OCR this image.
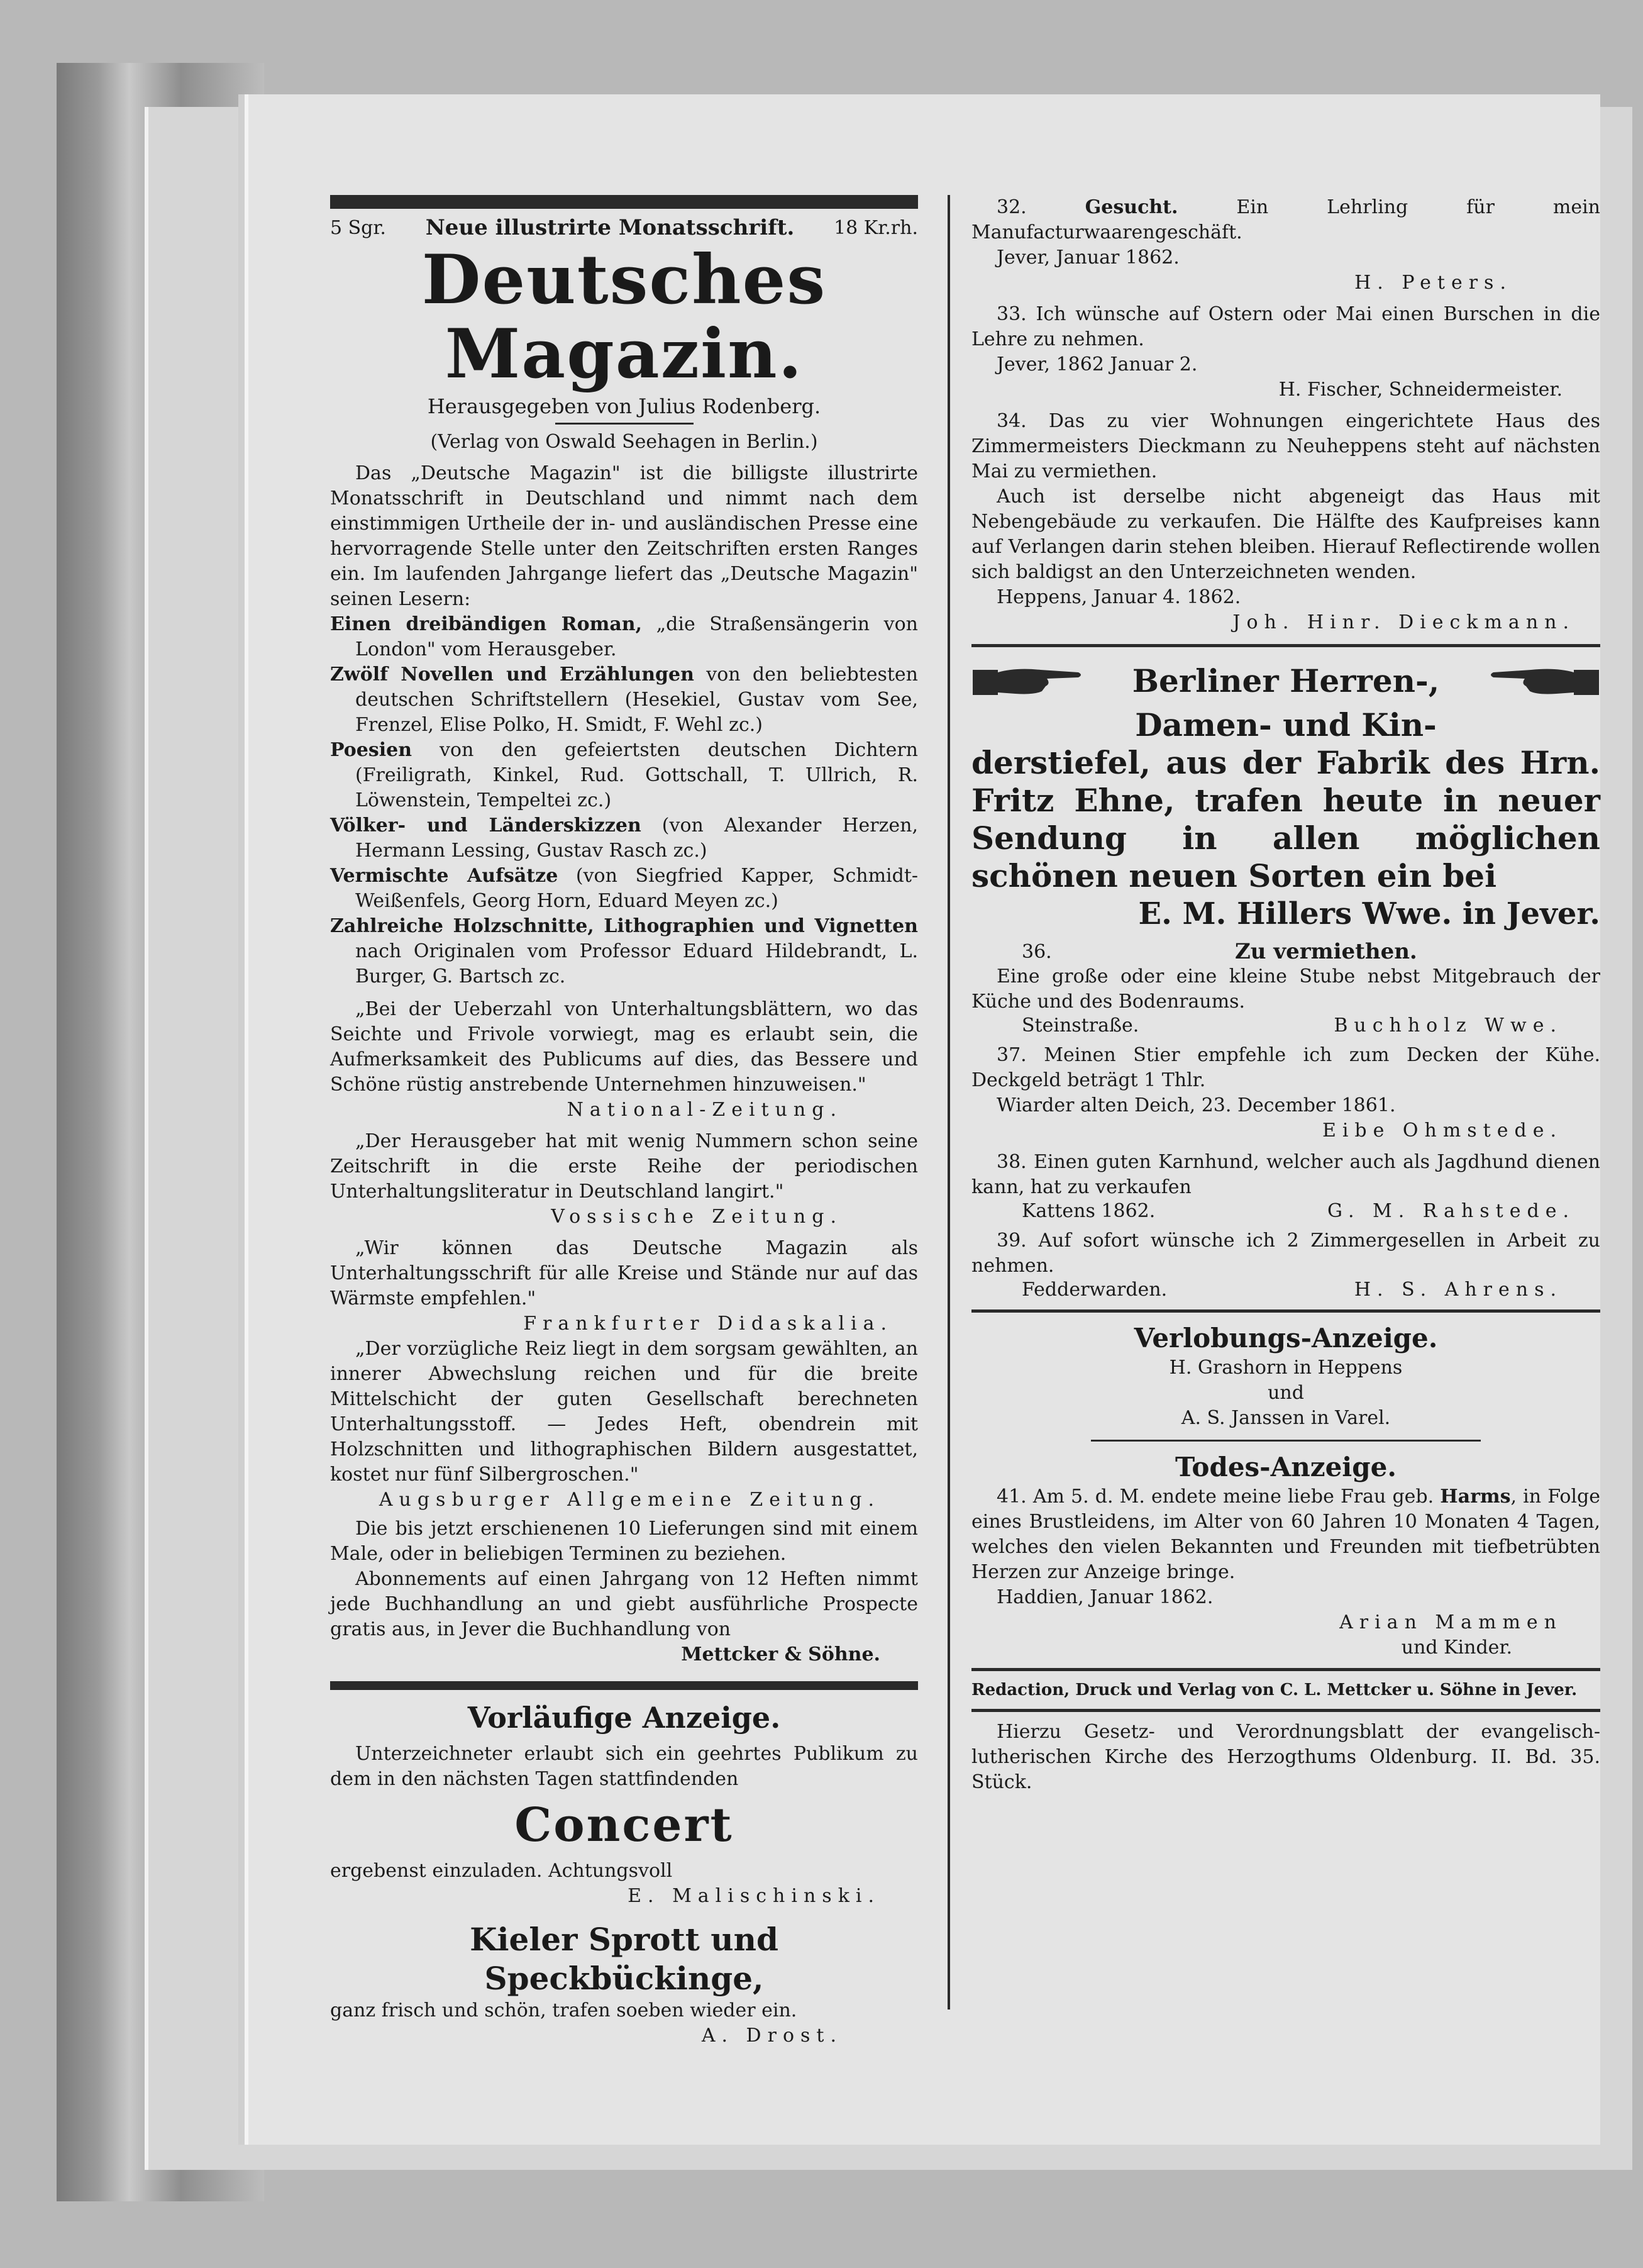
5 Sgr. Neue illustrirte Monatsschrift. 18 Kr.rh.
Deutsches Magazin.

Herausgegeben von Julius Rodenberg.

(Verlag von Oswald Seehagen in Berlin.)

Das „Deutsche Magazin" ist die billigste illustrirte Monatsschrift in Deutschland und nimmt nach dem einstimmigen Urtheile der in- und ausländischen Presse eine hervorragende Stelle unter den Zeitschriften ersten Ranges ein. Im laufenden Jahrgange liefert das „Deutsche Magazin" seinen Lesern:

Einen dreibändigen Roman, „die Straßensängerin von London" vom Herausgeber.

Zwölf Novellen und Erzählungen von den beliebtesten deutschen Schriftstellern (Hesekiel, Gustav vom See, Frenzel, Elise Polko, H. Smidt, F. Wehl zc.)

Poesien von den gefeiertsten deutschen Dichtern (Freiligrath, Kinkel, Rud. Gottschall, T. Ullrich, R. Löwenstein, Tempeltei zc.)

Völker- und Länderskizzen (von Alexander Herzen, Hermann Lessing, Gustav Rasch zc.)

Vermischte Aufsätze (von Siegfried Kapper, Schmidt-Weißenfels, Georg Horn, Eduard Meyen zc.)

Zahlreiche Holzschnitte, Lithographien und Vignetten nach Originalen vom Professor Eduard Hildebrandt, L. Burger, G. Bartsch zc.

„Bei der Ueberzahl von Unterhaltungsblättern, wo das Seichte und Frivole vorwiegt, mag es erlaubt sein, die Aufmerksamkeit des Publicums auf dies, das Bessere und Schöne rüstig anstrebende Unternehmen hinzuweisen."

National-Zeitung.

„Der Herausgeber hat mit wenig Nummern schon seine Zeitschrift in die erste Reihe der periodischen Unterhaltungsliteratur in Deutschland langirt."

Vossische Zeitung.

„Wir können das Deutsche Magazin als Unterhaltungsschrift für alle Kreise und Stände nur auf das Wärmste empfehlen."

Frankfurter Didaskalia.

„Der vorzügliche Reiz liegt in dem sorgsam gewählten, an innerer Abwechslung reichen und für die breite Mittelschicht der guten Gesellschaft berechneten Unterhaltungsstoff. — Jedes Heft, obendrein mit Holzschnitten und lithographischen Bildern ausgestattet, kostet nur fünf Silbergroschen."

Augsburger Allgemeine Zeitung.

Die bis jetzt erschienenen 10 Lieferungen sind mit einem Male, oder in beliebigen Terminen zu beziehen.

Abonnements auf einen Jahrgang von 12 Heften nimmt jede Buchhandlung an und giebt ausführliche Prospecte gratis aus, in Jever die Buchhandlung von

Mettcker & Söhne.

Vorläufige Anzeige.

Unterzeichneter erlaubt sich ein geehrtes Publikum zu dem in den nächsten Tagen stattfindenden

Concert

ergebenst einzuladen. Achtungsvoll

E. Malischinski.

Kieler Sprott und Speckbückinge,

ganz frisch und schön, trafen soeben wieder ein.

A. Drost.

32.	Gesucht. Ein Lehrling für mein Manufacturwaarengeschäft.

Jever, Januar 1862.

H. Peters.

33. Ich wünsche auf Ostern oder Mai einen Burschen in die Lehre zu nehmen.

Jever, 1862 Januar 2.

H. Fischer, Schneidermeister.

34. Das zu vier Wohnungen eingerichtete Haus des Zimmermeisters Dieckmann zu Neuheppens steht auf nächsten Mai zu vermiethen.

Auch ist derselbe nicht abgeneigt das Haus mit Nebengebäude zu verkaufen. Die Hälfte des Kaufpreises kann auf Verlangen darin stehen bleiben. Hierauf Reflectirende wollen sich baldigst an den Unterzeichneten wenden.

Heppens, Januar 4. 1862.

Joh. Hinr. Dieckmann.

Berliner Herren-,
Damen- und Kin-
derstiefel, aus der Fabrik des Hrn. Fritz Ehne, trafen heute in neuer Sendung in allen möglichen schönen neuen Sorten ein bei
E. M. Hillers Wwe. in Jever.
36.	Zu vermiethen.

Eine große oder eine kleine Stube nebst Mitgebrauch der Küche und des Bodenraums.

Steinstraße.	Buchholz Wwe.

37. Meinen Stier empfehle ich zum Decken der Kühe. Deckgeld beträgt 1 Thlr.

Wiarder alten Deich, 23. December 1861.

Eibe Ohmstede.

38. Einen guten Karnhund, welcher auch als Jagdhund dienen kann, hat zu verkaufen

Kattens 1862.	G. M. Rahstede.

39. Auf sofort wünsche ich 2 Zimmergesellen in Arbeit zu nehmen.

Fedderwarden.	H. S. Ahrens.
Verlobungs-Anzeige.

H. Grashorn in Heppens

und

A. S. Janssen in Varel.

Todes-Anzeige.

41. Am 5. d. M. endete meine liebe Frau geb. Harms, in Folge eines Brustleidens, im Alter von 60 Jahren 10 Monaten 4 Tagen, welches den vielen Bekannten und Freunden mit tiefbetrübten Herzen zur Anzeige bringe.

Haddien, Januar 1862.

Arian Mammen

und Kinder.

Redaction, Druck und Verlag von C. L. Mettcker u. Söhne in Jever.

Hierzu Gesetz- und Verordnungsblatt der evangelisch-lutherischen Kirche des Herzogthums Oldenburg. II. Bd. 35. Stück.
